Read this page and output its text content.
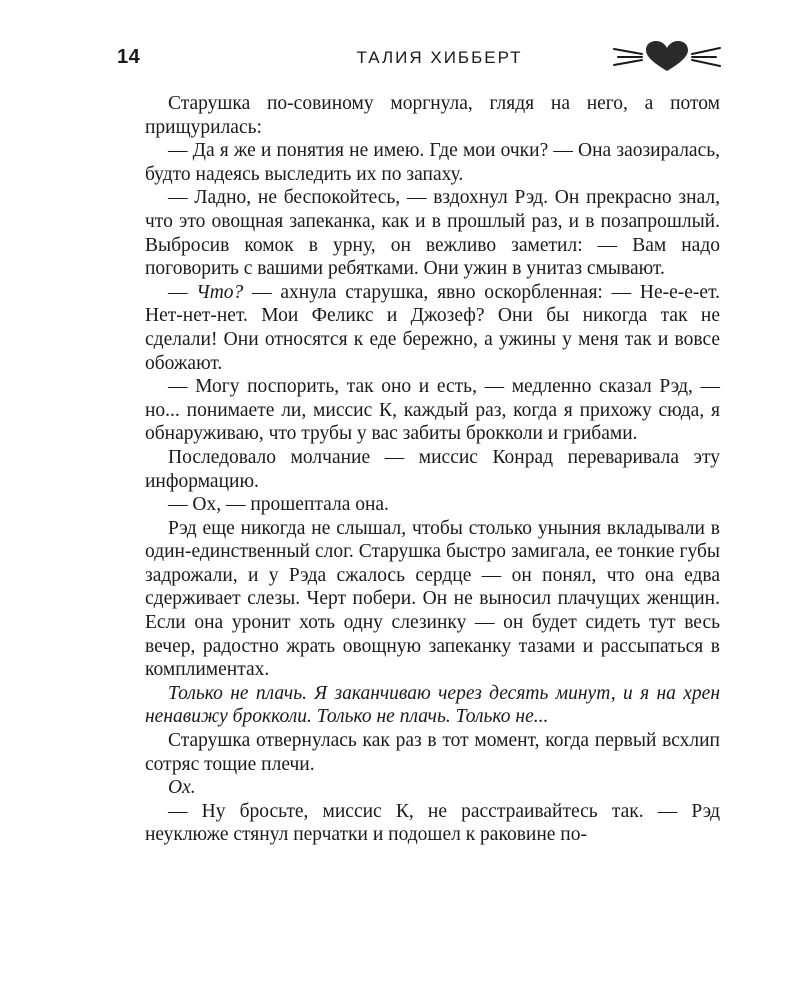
14	ТАЛИЯ ХИББЕРТ

Старушка по-совиному моргнула, глядя на него, а потом прищурилась:

— Да я же и понятия не имею. Где мои очки? — Она заозиралась, будто надеясь выследить их по запаху.

— Ладно, не беспокойтесь, — вздохнул Рэд. Он прекрасно знал, что это овощная запеканка, как и в прошлый раз, и в позапрошлый. Выбросив комок в урну, он вежливо заметил: — Вам надо поговорить с вашими ребятками. Они ужин в унитаз смывают.

— Что? — ахнула старушка, явно оскорбленная: — Не-е-е-ет. Нет-нет-нет. Мои Феликс и Джозеф? Они бы никогда так не сделали! Они относятся к еде бережно, а ужины у меня так и вовсе обожают.

— Могу поспорить, так оно и есть, — медленно сказал Рэд, — но... понимаете ли, миссис К, каждый раз, когда я прихожу сюда, я обнаруживаю, что трубы у вас забиты брокколи и грибами.

Последовало молчание — миссис Конрад переваривала эту информацию.

— Ох, — прошептала она.

Рэд еще никогда не слышал, чтобы столько уныния вкладывали в один-единственный слог. Старушка быстро замигала, ее тонкие губы задрожали, и у Рэда сжалось сердце — он понял, что она едва сдерживает слезы. Черт побери. Он не выносил плачущих женщин. Если она уронит хоть одну слезинку — он будет сидеть тут весь вечер, радостно жрать овощную запеканку тазами и рассыпаться в комплиментах.

Только не плачь. Я заканчиваю через десять минут, и я на хрен ненавижу брокколи. Только не плачь. Только не...

Старушка отвернулась как раз в тот момент, когда первый всхлип сотряс тощие плечи.

Ох.

— Ну бросьте, миссис К, не расстраивайтесь так. — Рэд неуклюже стянул перчатки и подошел к раковине по-
